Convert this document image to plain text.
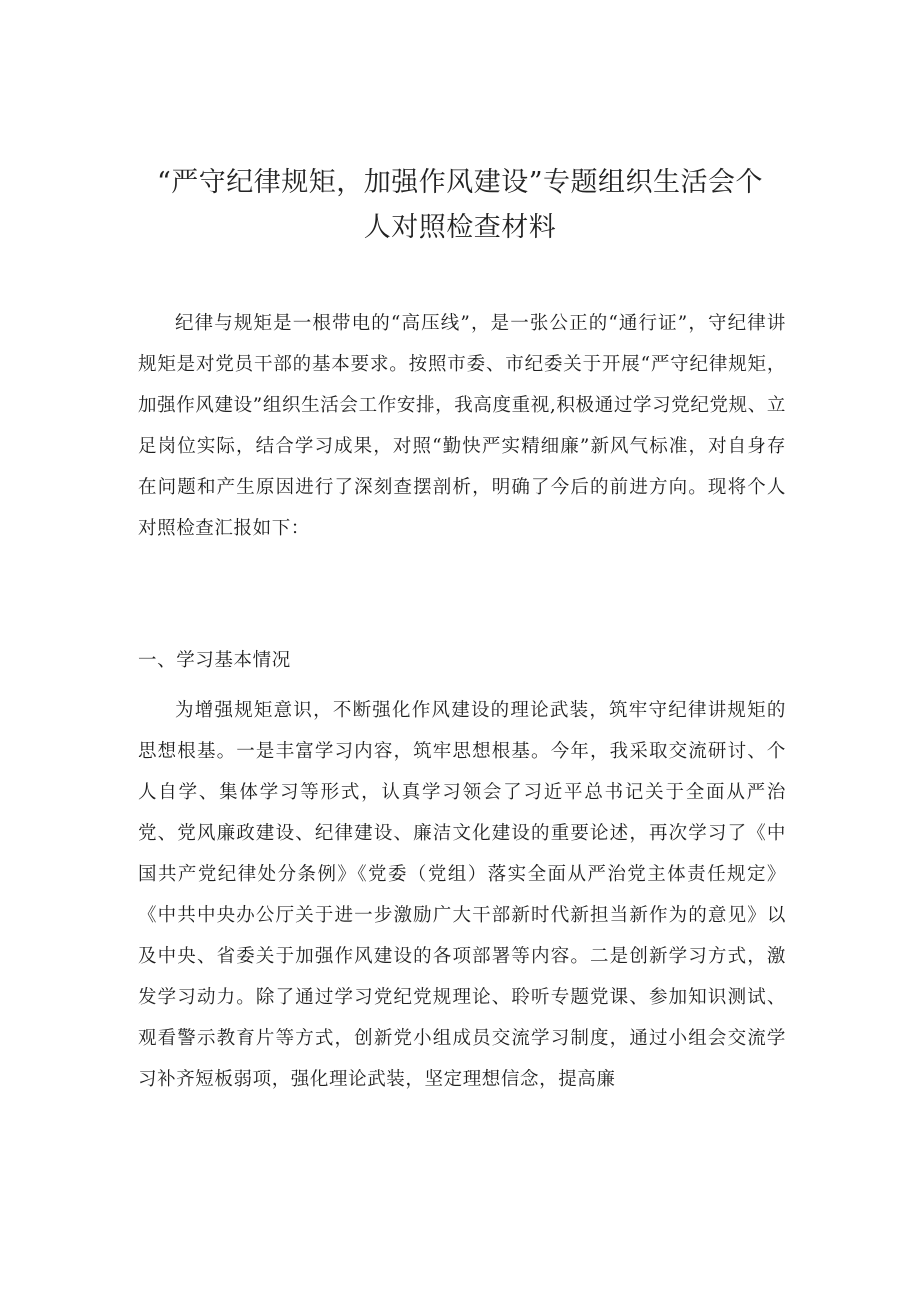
“严守纪律规矩，加强作风建设”专题组织生活会个
人对照检查材料

纪律与规矩是一根带电的“高压线”，是一张公正的“通行证”，守纪律讲规矩是对党员干部的基本要求。按照市委、市纪委关于开展“严守纪律规矩，加强作风建设”组织生活会工作安排，我高度重视,积极通过学习党纪党规、立足岗位实际，结合学习成果，对照“勤快严实精细廉”新风气标准，对自身存在问题和产生原因进行了深刻查摆剖析，明确了今后的前进方向。现将个人对照检查汇报如下：

一、学习基本情况

为增强规矩意识，不断强化作风建设的理论武装，筑牢守纪律讲规矩的思想根基。一是丰富学习内容，筑牢思想根基。今年，我采取交流研讨、个人自学、集体学习等形式，认真学习领会了习近平总书记关于全面从严治党、党风廉政建设、纪律建设、廉洁文化建设的重要论述，再次学习了《中国共产党纪律处分条例》《党委（党组）落实全面从严治党主体责任规定》《中共中央办公厅关于进一步激励广大干部新时代新担当新作为的意见》以及中央、省委关于加强作风建设的各项部署等内容。二是创新学习方式，激发学习动力。除了通过学习党纪党规理论、聆听专题党课、参加知识测试、观看警示教育片等方式，创新党小组成员交流学习制度，通过小组会交流学习补齐短板弱项，强化理论武装，坚定理想信念，提高廉
